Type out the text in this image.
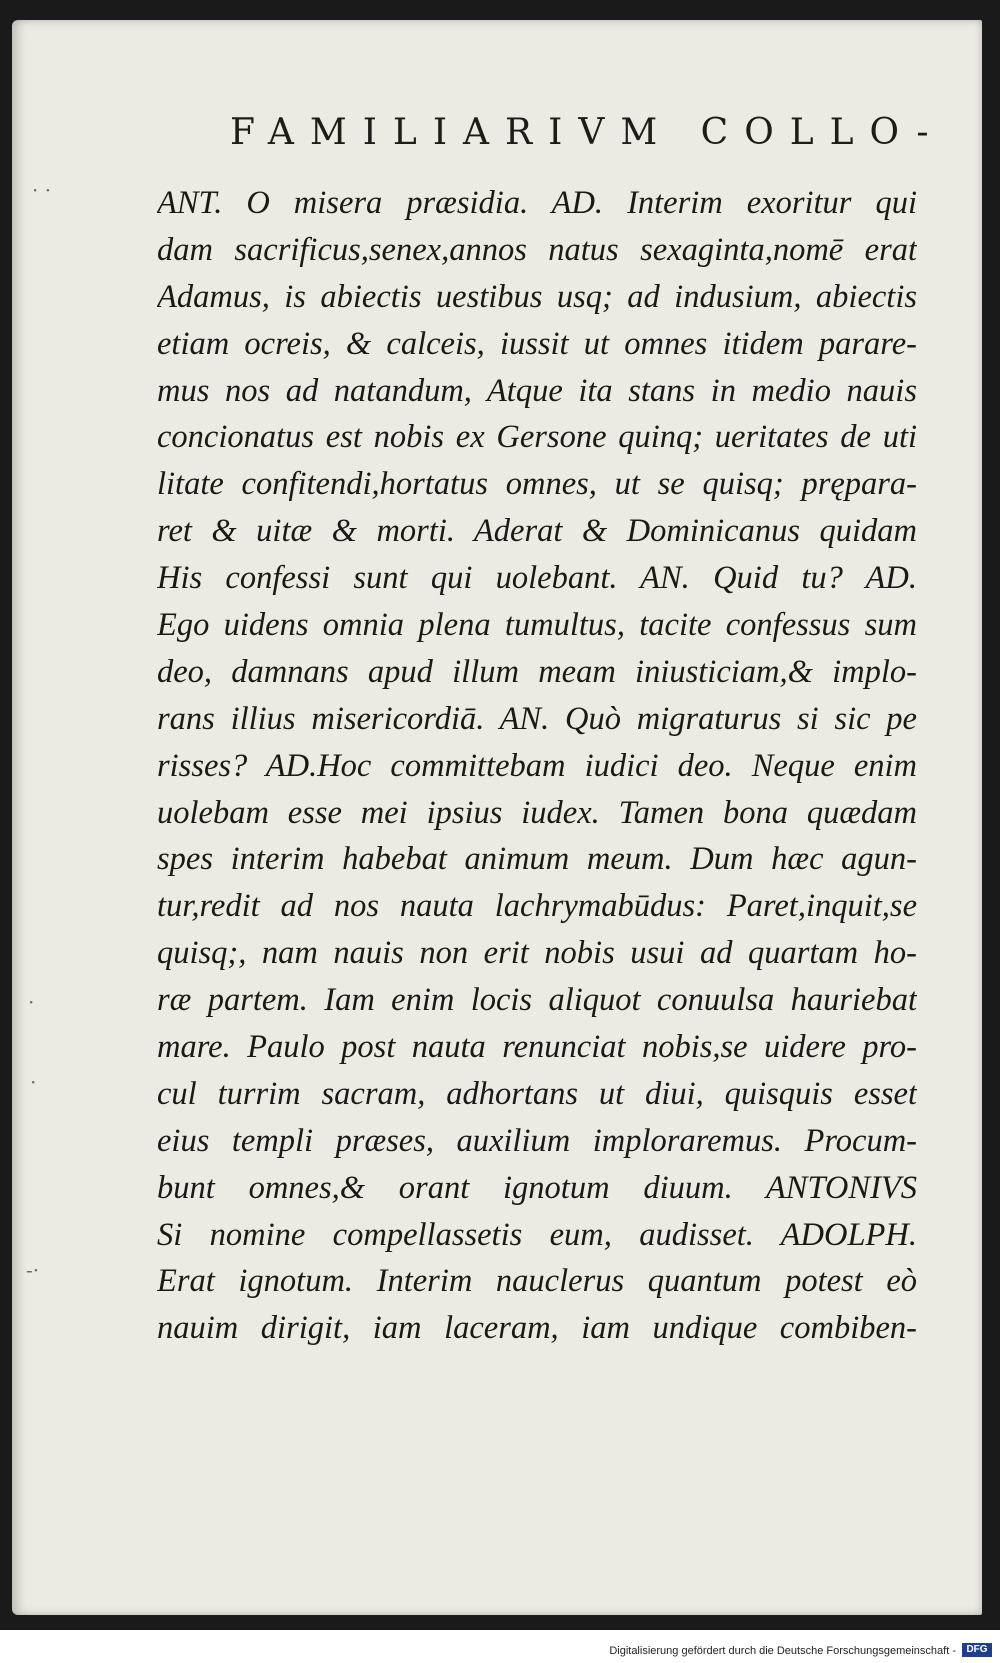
FAMILIARIVM COLLO-
· ·
·
·
-·
ANT. O misera præsidia. AD. Interim exoritur qui
dam sacrificus,senex,annos natus sexaginta,nomē erat
Adamus, is abiectis uestibus usq; ad indusium, abiectis
etiam ocreis, & calceis, iussit ut omnes itidem parare-
mus nos ad natandum, Atque ita stans in medio nauis
concionatus est nobis ex Gersone quinq; ueritates de uti
litate confitendi,hortatus omnes, ut se quisq; prępara-
ret & uitæ & morti. Aderat & Dominicanus quidam
His confessi sunt qui uolebant. AN. Quid tu? AD.
Ego uidens omnia plena tumultus, tacite confessus sum
deo, damnans apud illum meam iniusticiam,& implo-
rans illius misericordiā. AN. Quò migraturus si sic pe
risses? AD.Hoc committebam iudici deo. Neque enim
uolebam esse mei ipsius iudex. Tamen bona quædam
spes interim habebat animum meum. Dum hæc agun-
tur,redit ad nos nauta lachrymabūdus: Paret,inquit,se
quisq;, nam nauis non erit nobis usui ad quartam ho-
ræ partem. Iam enim locis aliquot conuulsa hauriebat
mare. Paulo post nauta renunciat nobis,se uidere pro-
cul turrim sacram, adhortans ut diui, quisquis esset
eius templi præses, auxilium imploraremus. Procum-
bunt omnes,& orant ignotum diuum. ANTONIVS
Si nomine compellassetis eum, audisset. ADOLPH.
Erat ignotum. Interim nauclerus quantum potest eò
nauim dirigit, iam laceram, iam undique combiben-
Digitalisierung gefördert durch die Deutsche Forschungsgemeinschaft -	DFG
